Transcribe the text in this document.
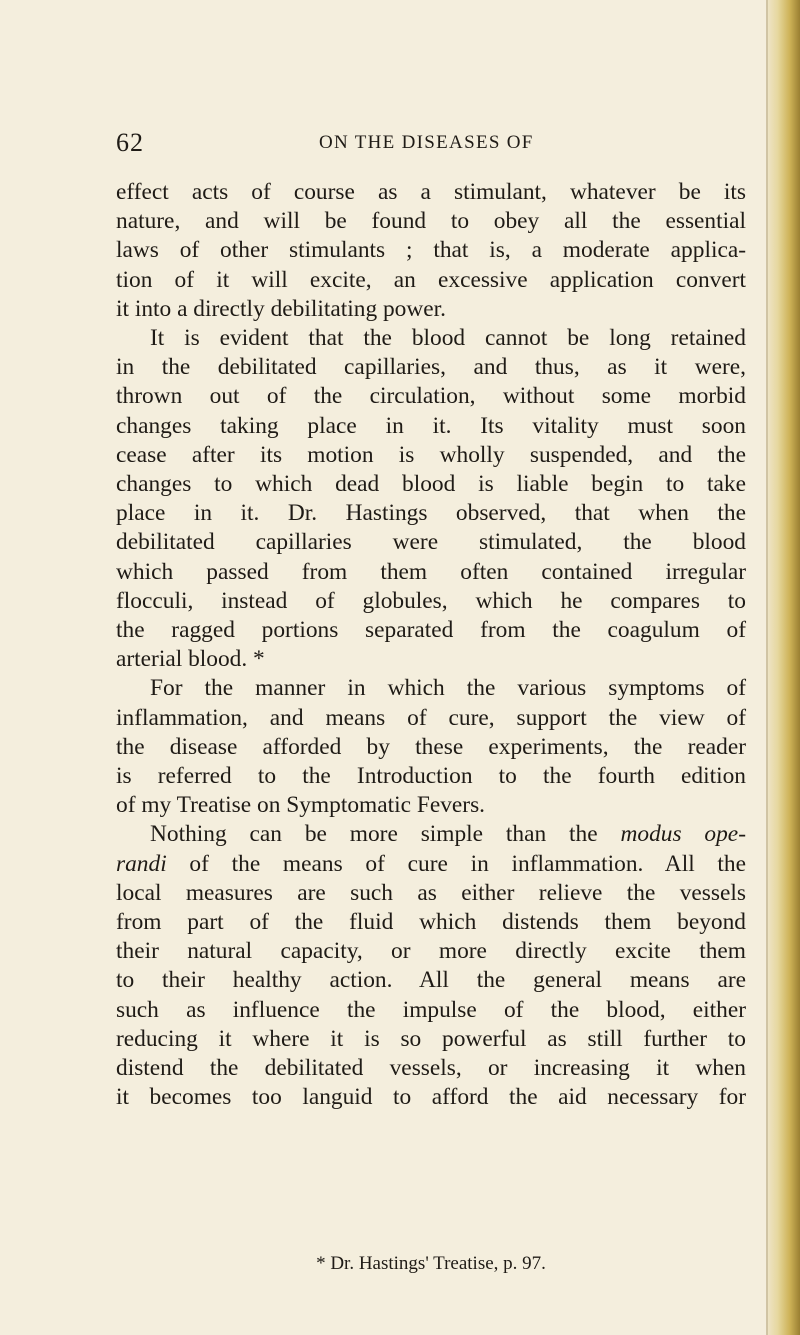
62	ON THE DISEASES OF
effect acts of course as a stimulant, whatever be its
nature, and will be found to obey all the essential
laws of other stimulants ; that is, a moderate applica-
tion of it will excite, an excessive application convert
it into a directly debilitating power.
It is evident that the blood cannot be long retained
in the debilitated capillaries, and thus, as it were,
thrown out of the circulation, without some morbid
changes taking place in it. Its vitality must soon
cease after its motion is wholly suspended, and the
changes to which dead blood is liable begin to take
place in it. Dr. Hastings observed, that when the
debilitated capillaries were stimulated, the blood
which passed from them often contained irregular
flocculi, instead of globules, which he compares to
the ragged portions separated from the coagulum of
arterial blood. *
For the manner in which the various symptoms of
inflammation, and means of cure, support the view of
the disease afforded by these experiments, the reader
is referred to the Introduction to the fourth edition
of my Treatise on Symptomatic Fevers.
Nothing can be more simple than the modus ope-
randi of the means of cure in inflammation. All the
local measures are such as either relieve the vessels
from part of the fluid which distends them beyond
their natural capacity, or more directly excite them
to their healthy action. All the general means are
such as influence the impulse of the blood, either
reducing it where it is so powerful as still further to
distend the debilitated vessels, or increasing it when
it becomes too languid to afford the aid necessary for
* Dr. Hastings' Treatise, p. 97.
